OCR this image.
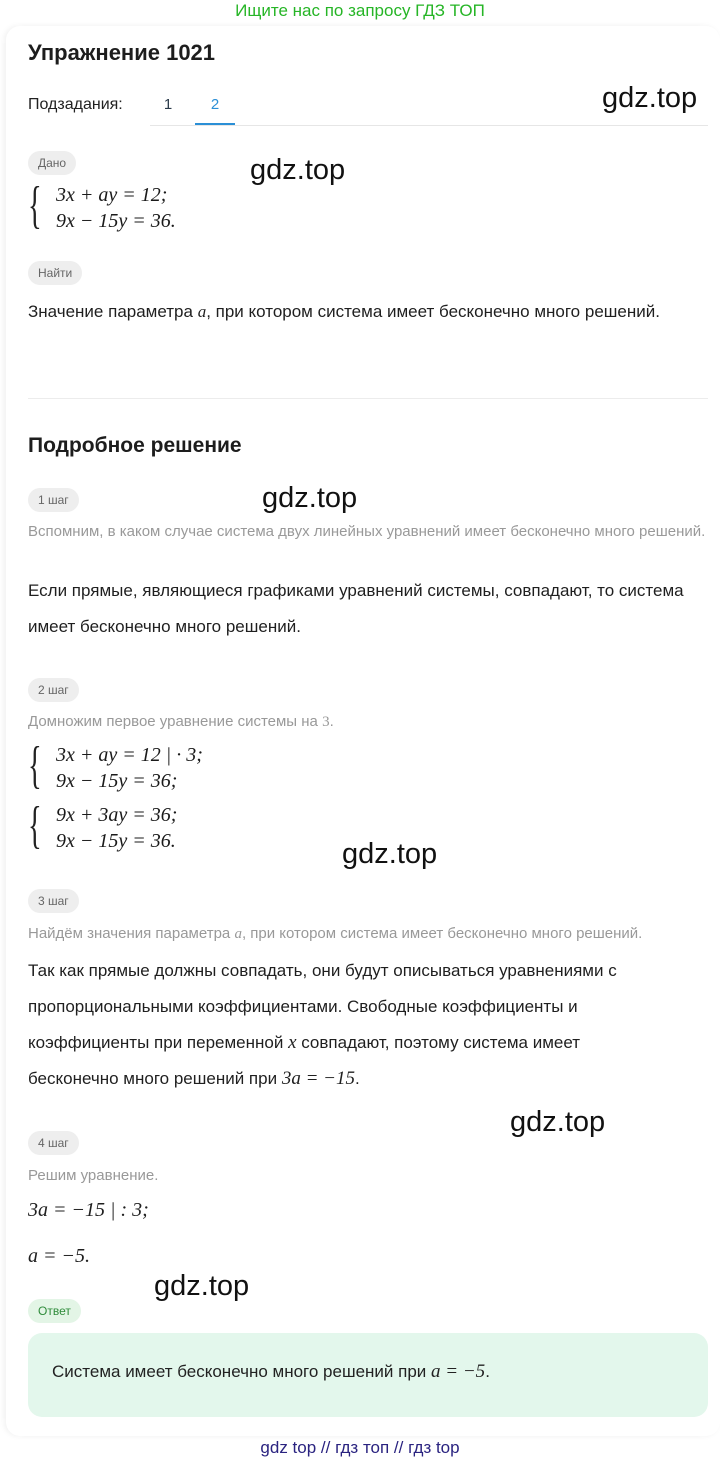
Ищите нас по запросу ГДЗ ТОП
Упражнение 1021
Подзадания:	1	2	gdz.top
gdz.top
gdz.top
gdz.top
gdz.top
gdz.top
Дано
{ 3x + ay = 12;
9x − 15y = 36.
Найти
Значение параметра a, при котором система имеет бесконечно много решений.
Подробное решение
1 шаг
Вспомним, в каком случае система двух линейных уравнений имеет бесконечно много решений.
Если прямые, являющиеся графиками уравнений системы, совпадают, то система имеет бесконечно много решений.
2 шаг
Домножим первое уравнение системы на 3.
{ 3x + ay = 12 | · 3;
9x − 15y = 36;
{ 9x + 3ay = 36;
9x − 15y = 36.
3 шаг
Найдём значения параметра a, при котором система имеет бесконечно много решений.
Так как прямые должны совпадать, они будут описываться уравнениями с
пропорциональными коэффициентами. Свободные коэффициенты и
коэффициенты при переменной x совпадают, поэтому система имеет
бесконечно много решений при 3a = −15.
4 шаг
Решим уравнение.
3a = −15 | : 3;
a = −5.
Ответ
Система имеет бесконечно много решений при a = −5.
gdz top // гдз топ // гдз top
